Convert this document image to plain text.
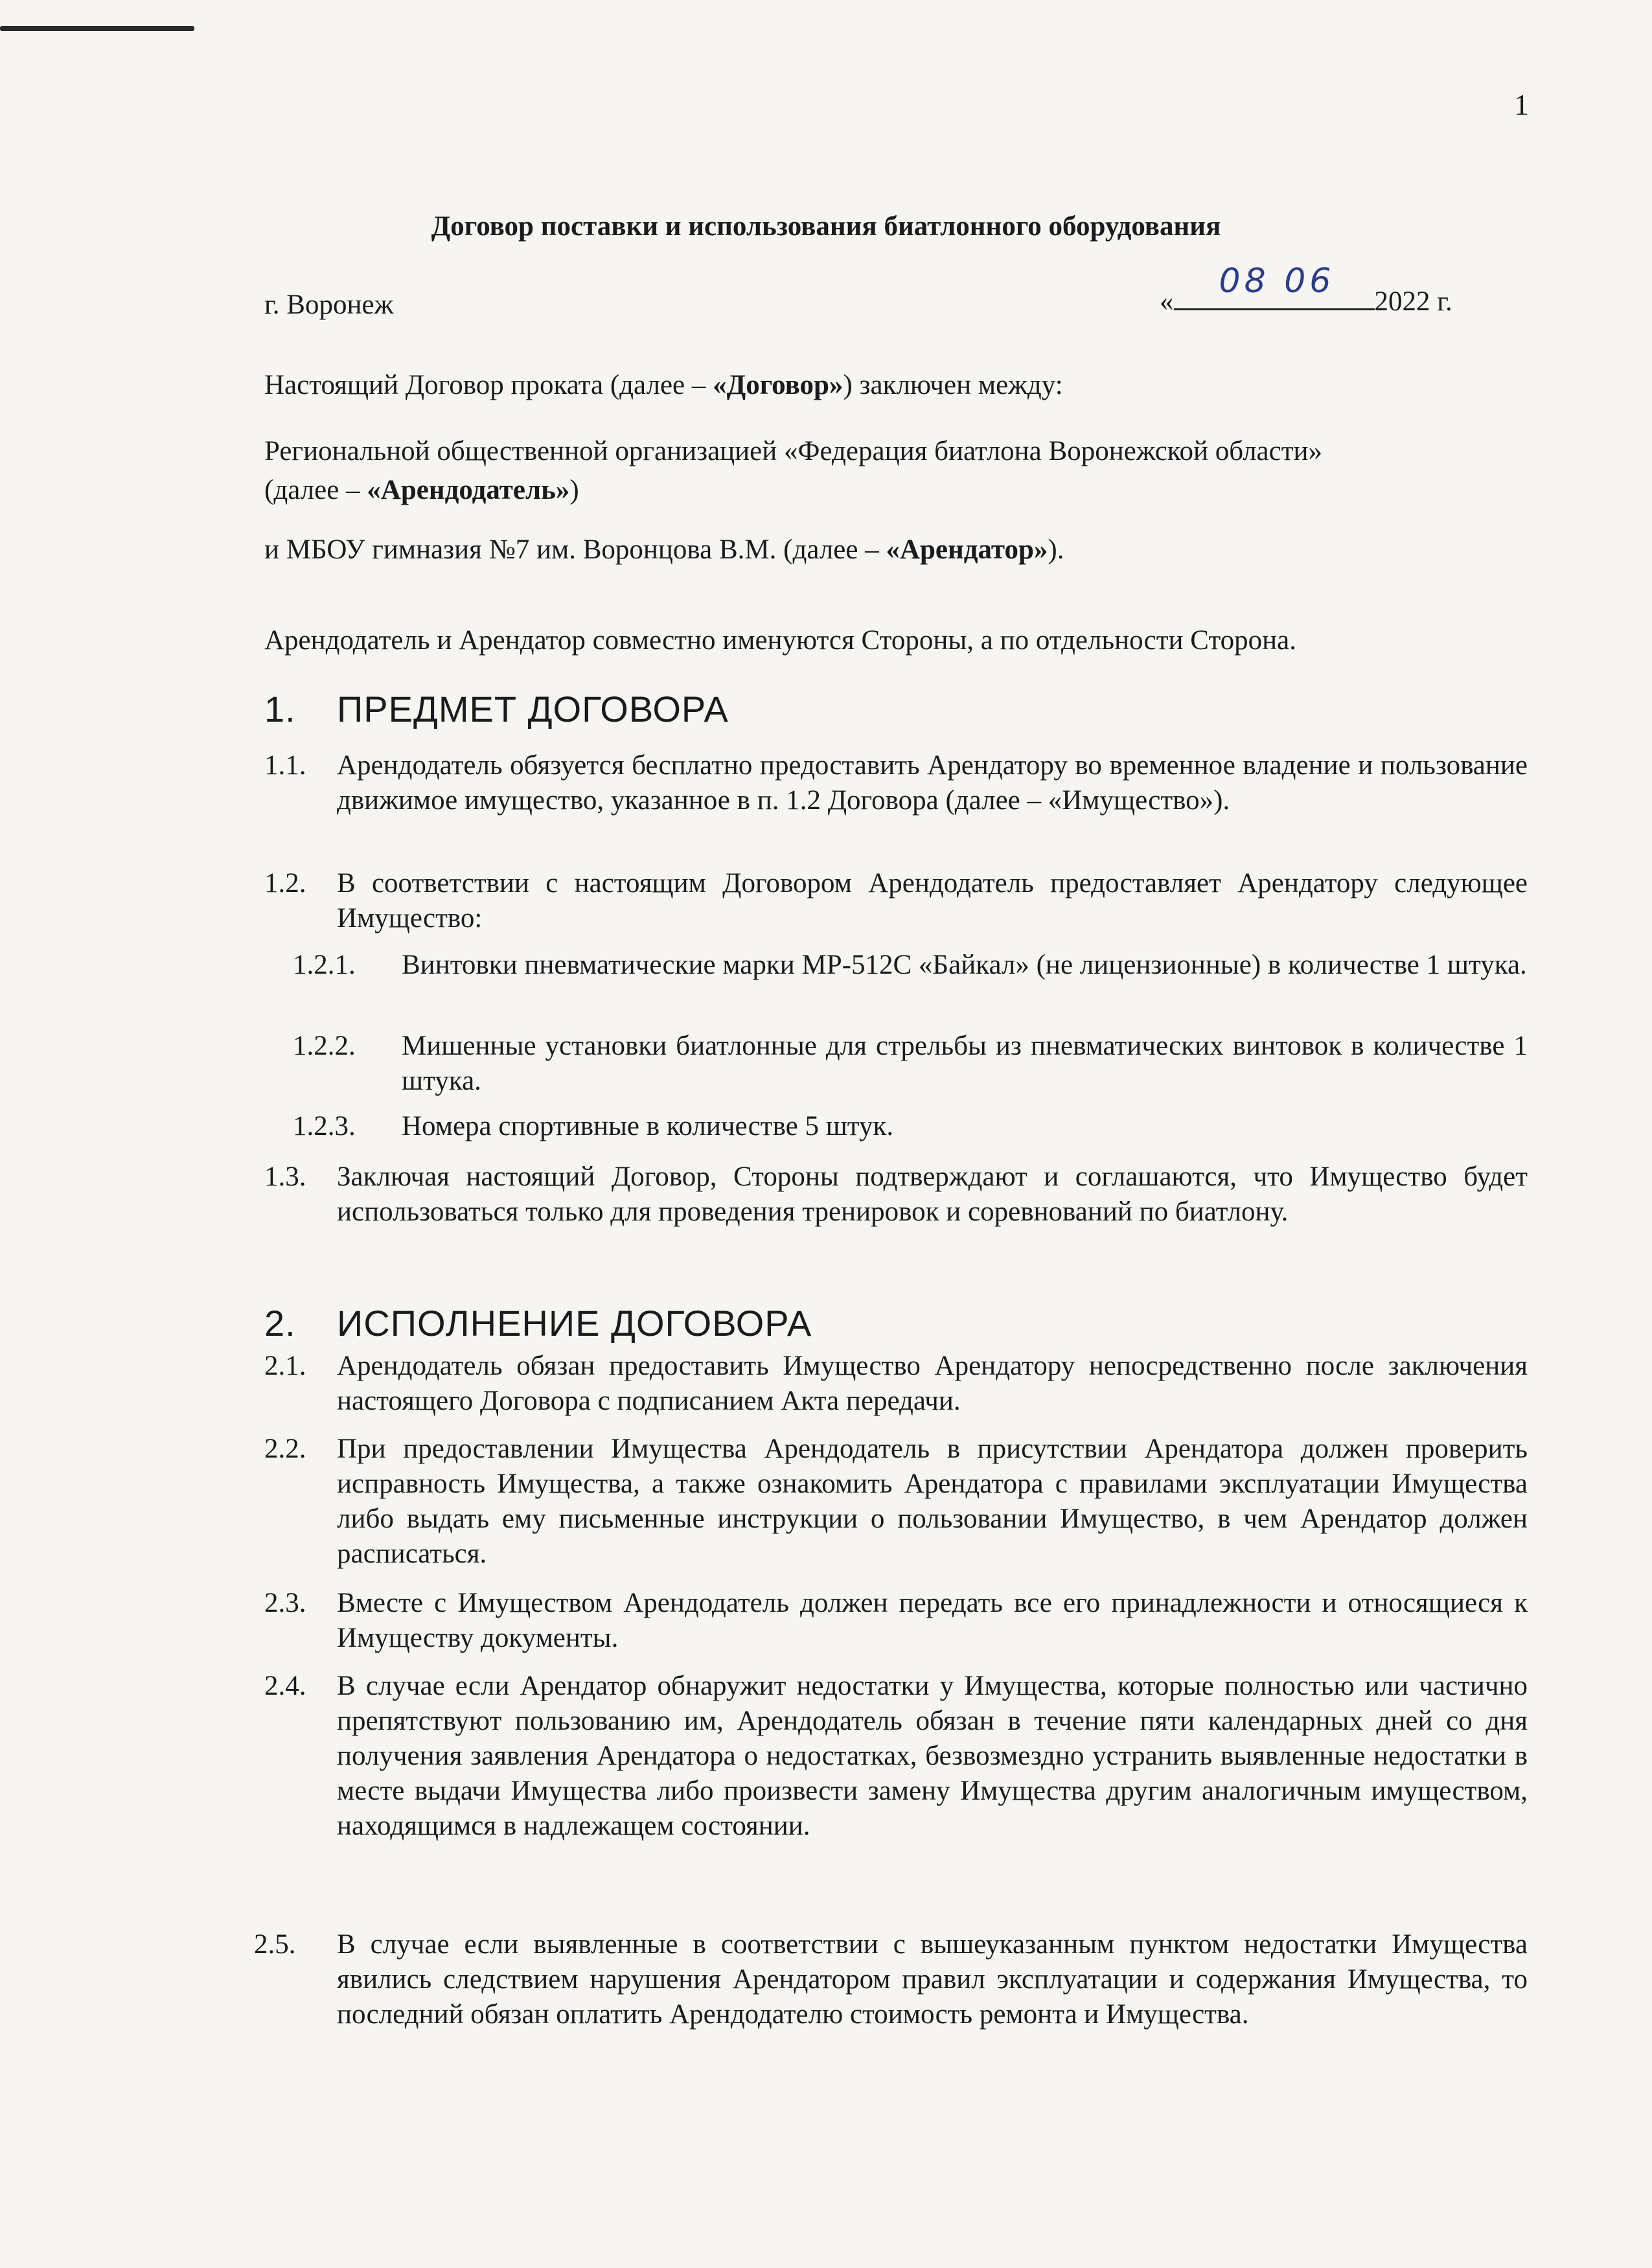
1
Договор поставки и использования биатлонного оборудования
г. Воронеж	«
08 06
2022 г.
Настоящий Договор проката (далее – «Договор») заключен между:
Региональной общественной организацией «Федерация биатлона Воронежской области»
(далее – «Арендодатель»)
и МБОУ гимназия №7 им. Воронцова В.М. (далее – «Арендатор»).
Арендодатель и Арендатор совместно именуются Стороны, а по отдельности Сторона.
1. ПРЕДМЕТ ДОГОВОРА
1.1. Арендодатель обязуется бесплатно предоставить Арендатору во временное владение и пользование движимое имущество, указанное в п. 1.2 Договора (далее – «Имущество»).
1.2. В соответствии с настоящим Договором Арендодатель предоставляет Арендатору следующее Имущество:
1.2.1. Винтовки пневматические марки МР-512С «Байкал» (не лицензионные) в количестве 1 штука.
1.2.2. Мишенные установки биатлонные для стрельбы из пневматических винтовок в количестве 1 штука.
1.2.3. Номера спортивные в количестве 5 штук.
1.3. Заключая настоящий Договор, Стороны подтверждают и соглашаются, что Имущество будет использоваться только для проведения тренировок и соревнований по биатлону.
2. ИСПОЛНЕНИЕ ДОГОВОРА
2.1. Арендодатель обязан предоставить Имущество Арендатору непосредственно после заключения настоящего Договора с подписанием Акта передачи.
2.2. При предоставлении Имущества Арендодатель в присутствии Арендатора должен проверить исправность Имущества, а также ознакомить Арендатора с правилами эксплуатации Имущества либо выдать ему письменные инструкции о пользовании Имущество, в чем Арендатор должен расписаться.
2.3. Вместе с Имуществом Арендодатель должен передать все его принадлежности и относящиеся к Имуществу документы.
2.4. В случае если Арендатор обнаружит недостатки у Имущества, которые полностью или частично препятствуют пользованию им, Арендодатель обязан в течение пяти календарных дней со дня получения заявления Арендатора о недостатках, безвозмездно устранить выявленные недостатки в месте выдачи Имущества либо произвести замену Имущества другим аналогичным имуществом, находящимся в надлежащем состоянии.
2.5. В случае если выявленные в соответствии с вышеуказанным пунктом недостатки Имущества явились следствием нарушения Арендатором правил эксплуатации и содержания Имущества, то последний обязан оплатить Арендодателю стоимость ремонта и Имущества.
